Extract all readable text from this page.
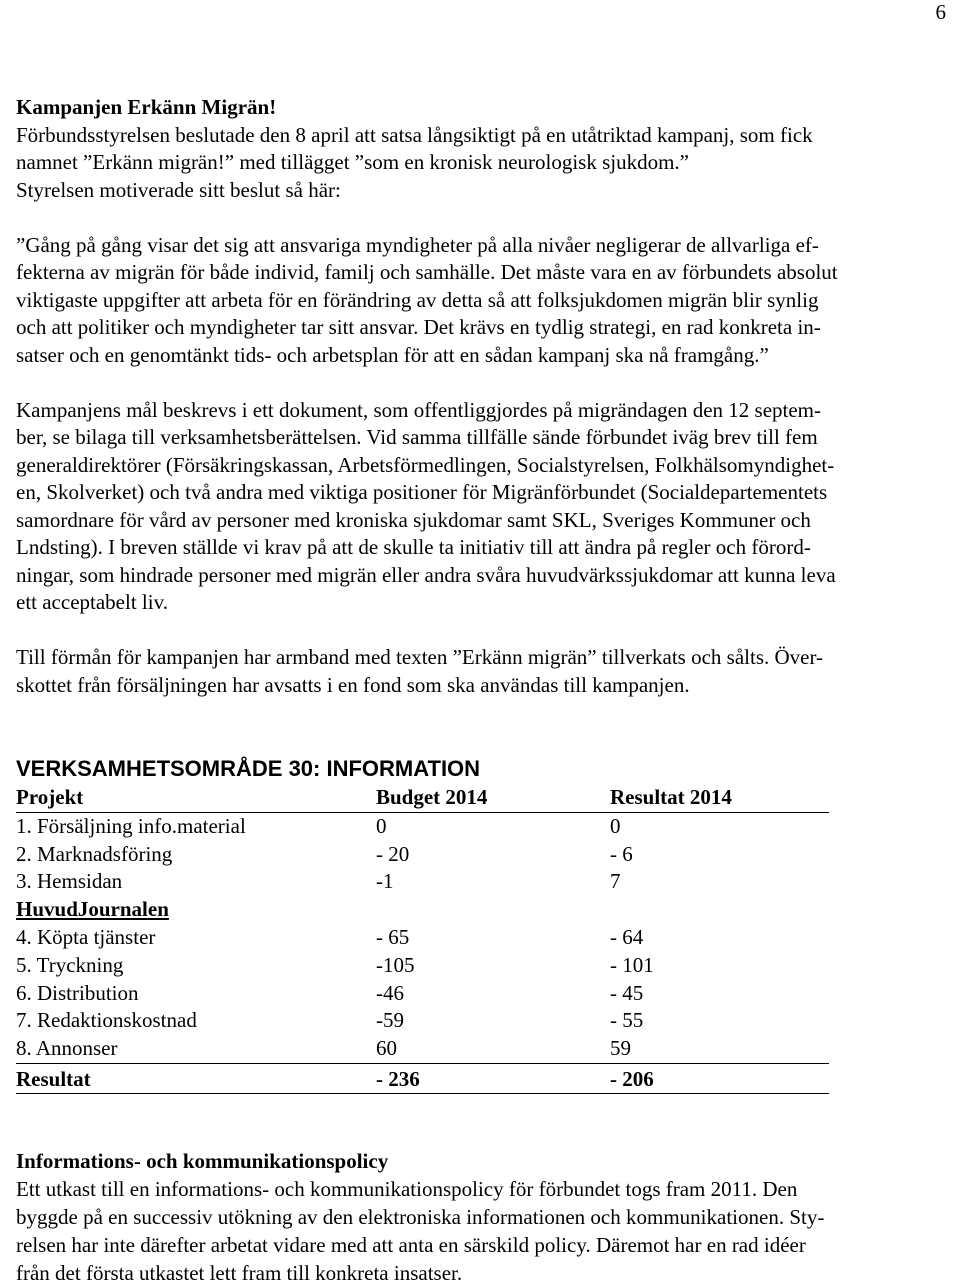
6
Kampanjen Erkänn Migrän!
Förbundsstyrelsen beslutade den 8 april att satsa långsiktigt på en utåtriktad kampanj, som fick
namnet ”Erkänn migrän!” med tillägget ”som en kronisk neurologisk sjukdom.”
Styrelsen motiverade sitt beslut så här:
”Gång på gång visar det sig att ansvariga myndigheter på alla nivåer negligerar de allvarliga ef-
fekterna av migrän för både individ, familj och samhälle. Det måste vara en av förbundets absolut
viktigaste uppgifter att arbeta för en förändring av detta så att folksjukdomen migrän blir synlig
och att politiker och myndigheter tar sitt ansvar. Det krävs en tydlig strategi, en rad konkreta in-
satser och en genomtänkt tids- och arbetsplan för att en sådan kampanj ska nå framgång.”
Kampanjens mål beskrevs i ett dokument, som offentliggjordes på migrändagen den 12 septem-
ber, se bilaga till verksamhetsberättelsen. Vid samma tillfälle sände förbundet iväg brev till fem
generaldirektörer (Försäkringskassan, Arbetsförmedlingen, Socialstyrelsen, Folkhälsomyndighet-
en, Skolverket) och två andra med viktiga positioner för Migränförbundet (Socialdepartementets
samordnare för vård av personer med kroniska sjukdomar samt SKL, Sveriges Kommuner och
Lndsting). I breven ställde vi krav på att de skulle ta initiativ till att ändra på regler och förord-
ningar, som hindrade personer med migrän eller andra svåra huvudvärkssjukdomar att kunna leva
ett acceptabelt liv.
Till förmån för kampanjen har armband med texten ”Erkänn migrän” tillverkats och sålts. Över-
skottet från försäljningen har avsatts i en fond som ska användas till kampanjen.
VERKSAMHETSOMRÅDE 30: INFORMATION
Projekt	Budget 2014	Resultat 2014
1. Försäljning info.material	0	0
2. Marknadsföring	- 20	- 6
3. Hemsidan	-1	7
HuvudJournalen
4. Köpta tjänster	- 65	- 64
5. Tryckning	-105	- 101
6. Distribution	-46	- 45
7. Redaktionskostnad	-59	- 55
8. Annonser	60	59
Resultat	- 236	- 206
Informations- och kommunikationspolicy
Ett utkast till en informations- och kommunikationspolicy för förbundet togs fram 2011. Den
byggde på en successiv utökning av den elektroniska informationen och kommunikationen. Sty-
relsen har inte därefter arbetat vidare med att anta en särskild policy. Däremot har en rad idéer
från det första utkastet lett fram till konkreta insatser.
